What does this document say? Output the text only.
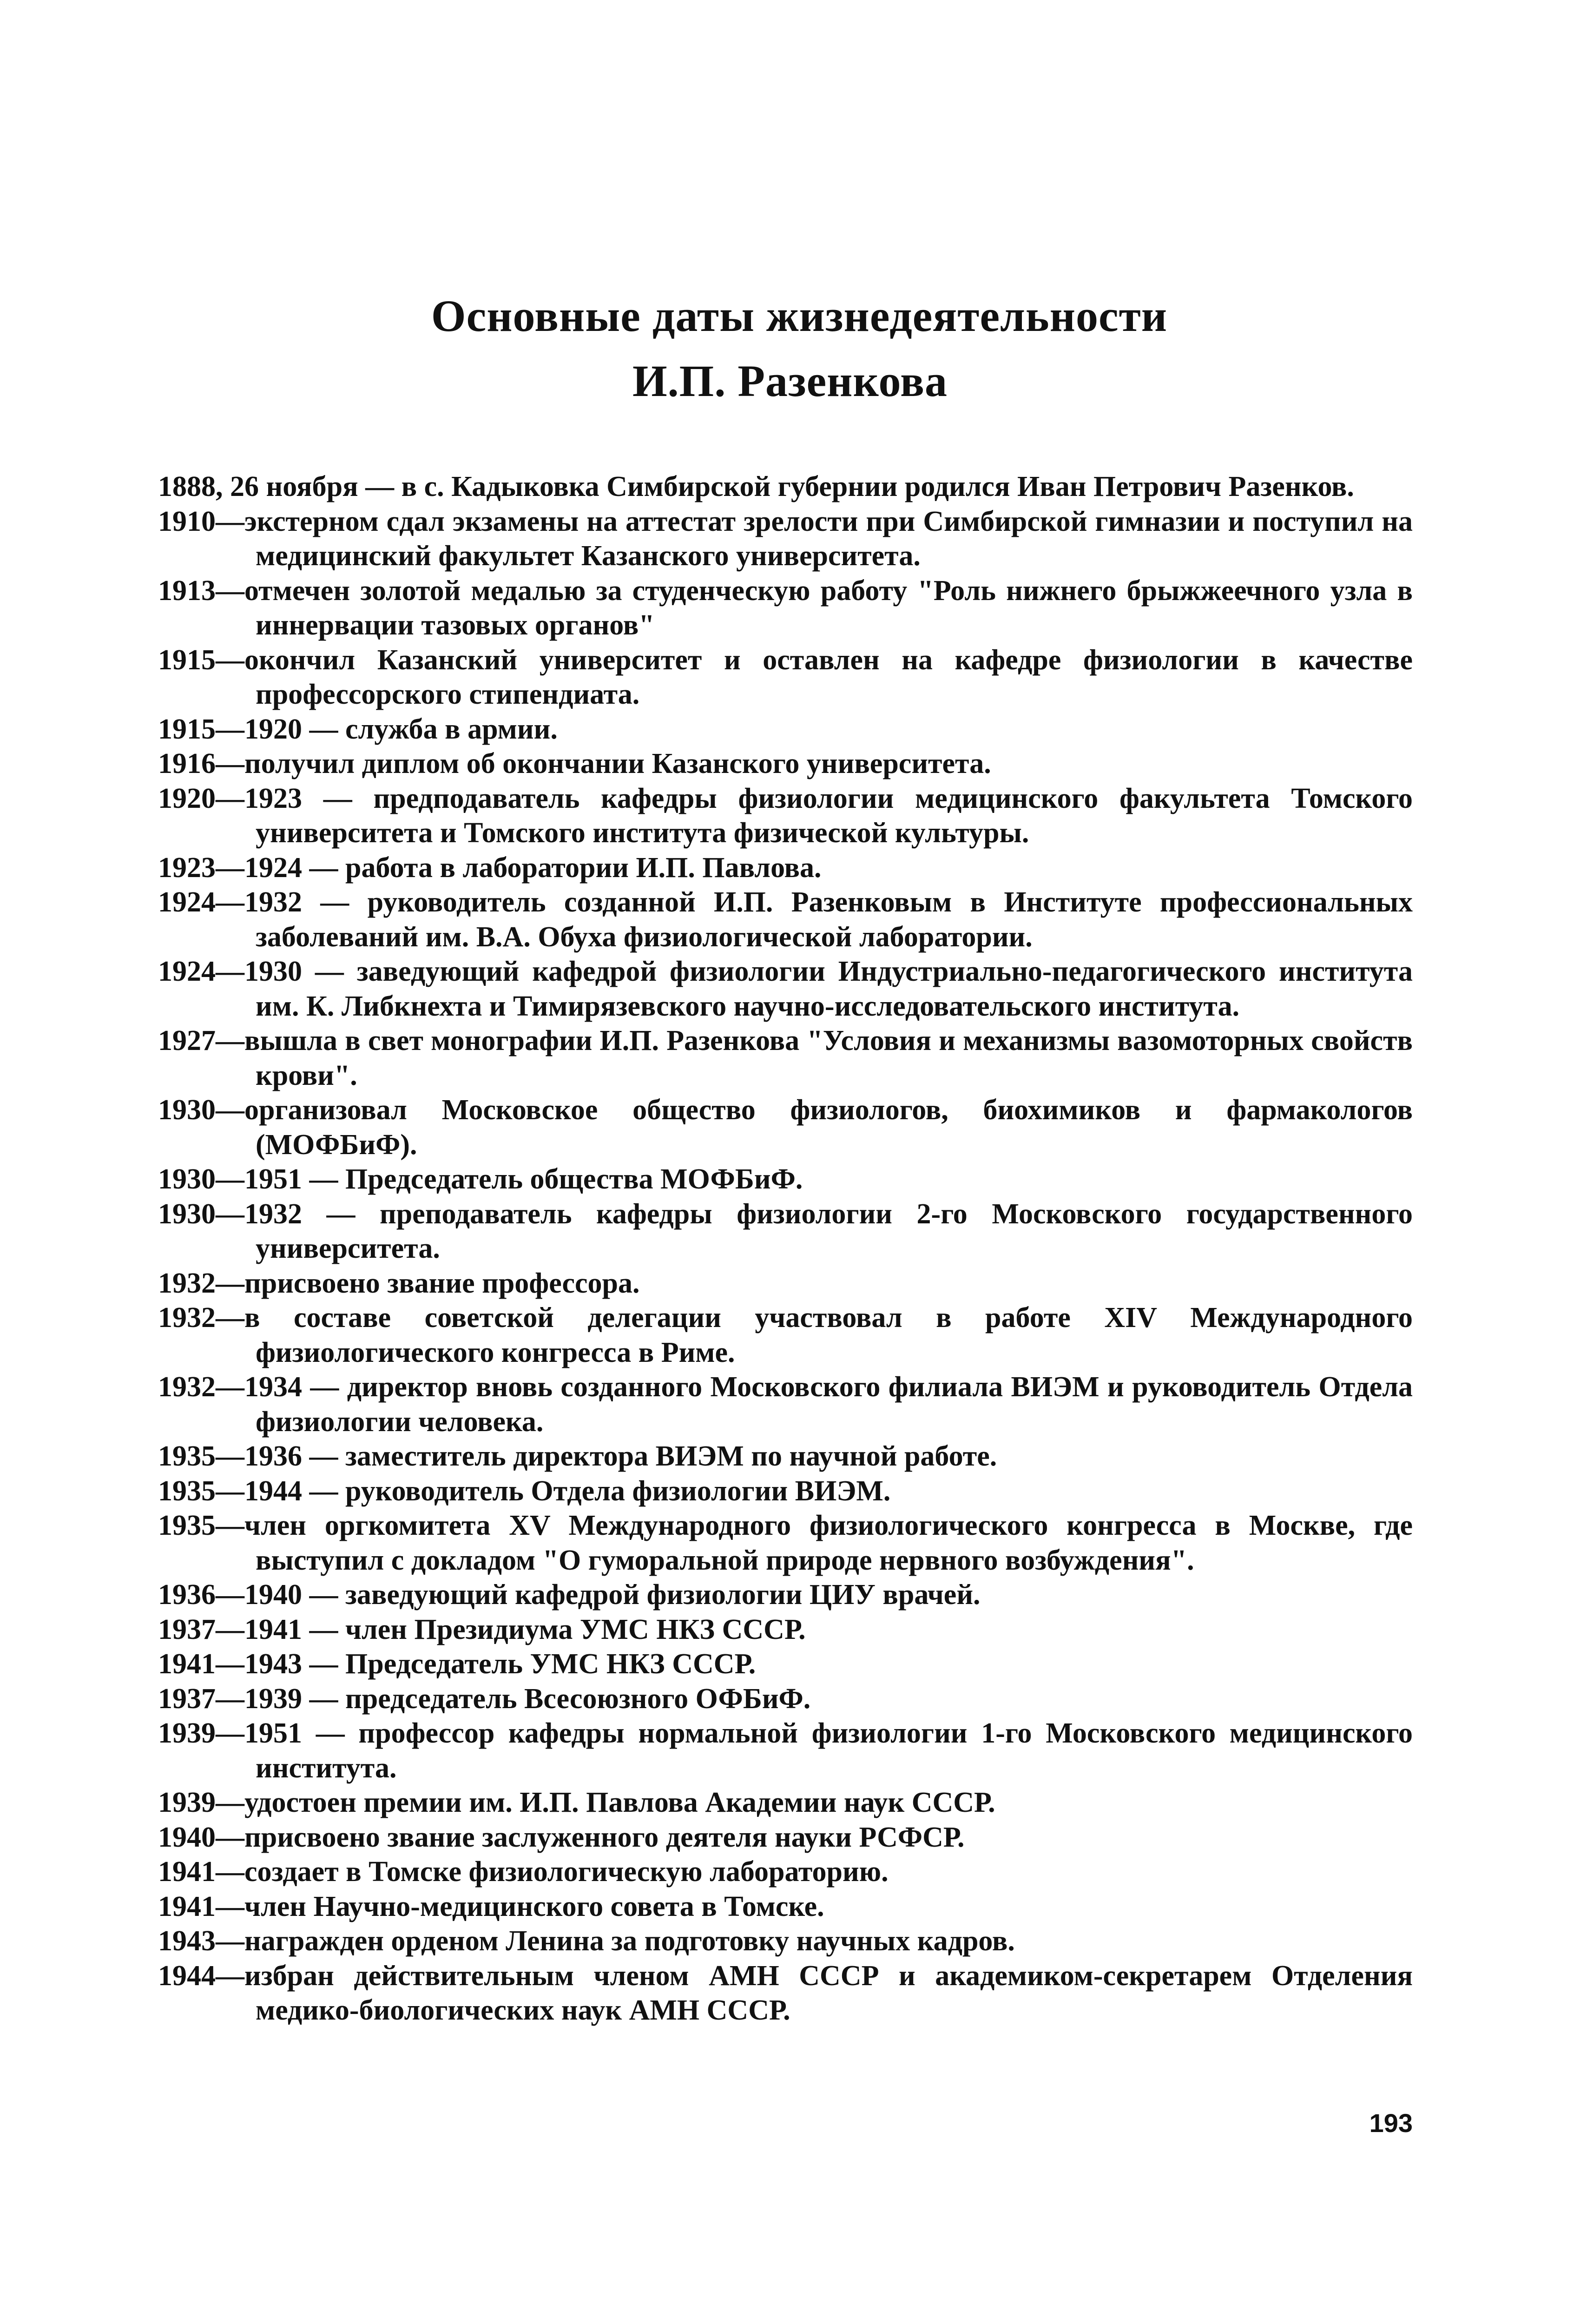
Основные даты жизнедеятельности
И.П. Разенкова

1888, 26 ноября — в с. Кадыковка Симбирской губернии родился Иван Петрович Разенков.

1910—экстерном сдал экзамены на аттестат зрелости при Симбирской гимназии и поступил на медицинский факультет Казанского университета.

1913—отмечен золотой медалью за студенческую работу "Роль нижнего брыжжеечного узла в иннервации тазовых органов"

1915—окончил Казанский университет и оставлен на кафедре физиологии в качестве профессорского стипендиата.

1915—1920 — служба в армии.

1916—получил диплом об окончании Казанского университета.

1920—1923 — предподаватель кафедры физиологии медицинского факультета Томского университета и Томского института физической культуры.

1923—1924 — работа в лаборатории И.П. Павлова.

1924—1932 — руководитель созданной И.П. Разенковым в Институте профессиональных заболеваний им. В.А. Обуха физиологической лаборатории.

1924—1930 — заведующий кафедрой физиологии Индустриально-педагогического института им. К. Либкнехта и Тимирязевского научно-исследовательского института.

1927—вышла в свет монографии И.П. Разенкова "Условия и механизмы вазомоторных свойств крови".

1930—организовал Московское общество физиологов, биохимиков и фармакологов (МОФБиФ).

1930—1951 — Председатель общества МОФБиФ.

1930—1932 — преподаватель кафедры физиологии 2-го Московского государственного университета.

1932—присвоено звание профессора.

1932—в составе советской делегации участвовал в работе XIV Международного физиологического конгресса в Риме.

1932—1934 — директор вновь созданного Московского филиала ВИЭМ и руководитель Отдела физиологии человека.

1935—1936 — заместитель директора ВИЭМ по научной работе.

1935—1944 — руководитель Отдела физиологии ВИЭМ.

1935—член оргкомитета XV Международного физиологического конгресса в Москве, где выступил с докладом "О гуморальной природе нервного возбуждения".

1936—1940 — заведующий кафедрой физиологии ЦИУ врачей.

1937—1941 — член Президиума УМС НКЗ СССР.

1941—1943 — Председатель УМС НКЗ СССР.

1937—1939 — председатель Всесоюзного ОФБиФ.

1939—1951 — профессор кафедры нормальной физиологии 1-го Московского медицинского института.

1939—удостоен премии им. И.П. Павлова Академии наук СССР.

1940—присвоено звание заслуженного деятеля науки РСФСР.

1941—создает в Томске физиологическую лабораторию.

1941—член Научно-медицинского совета в Томске.

1943—награжден орденом Ленина за подготовку научных кадров.

1944—избран действительным членом АМН СССР и академиком-секретарем Отделения медико-биологических наук АМН СССР.

193
